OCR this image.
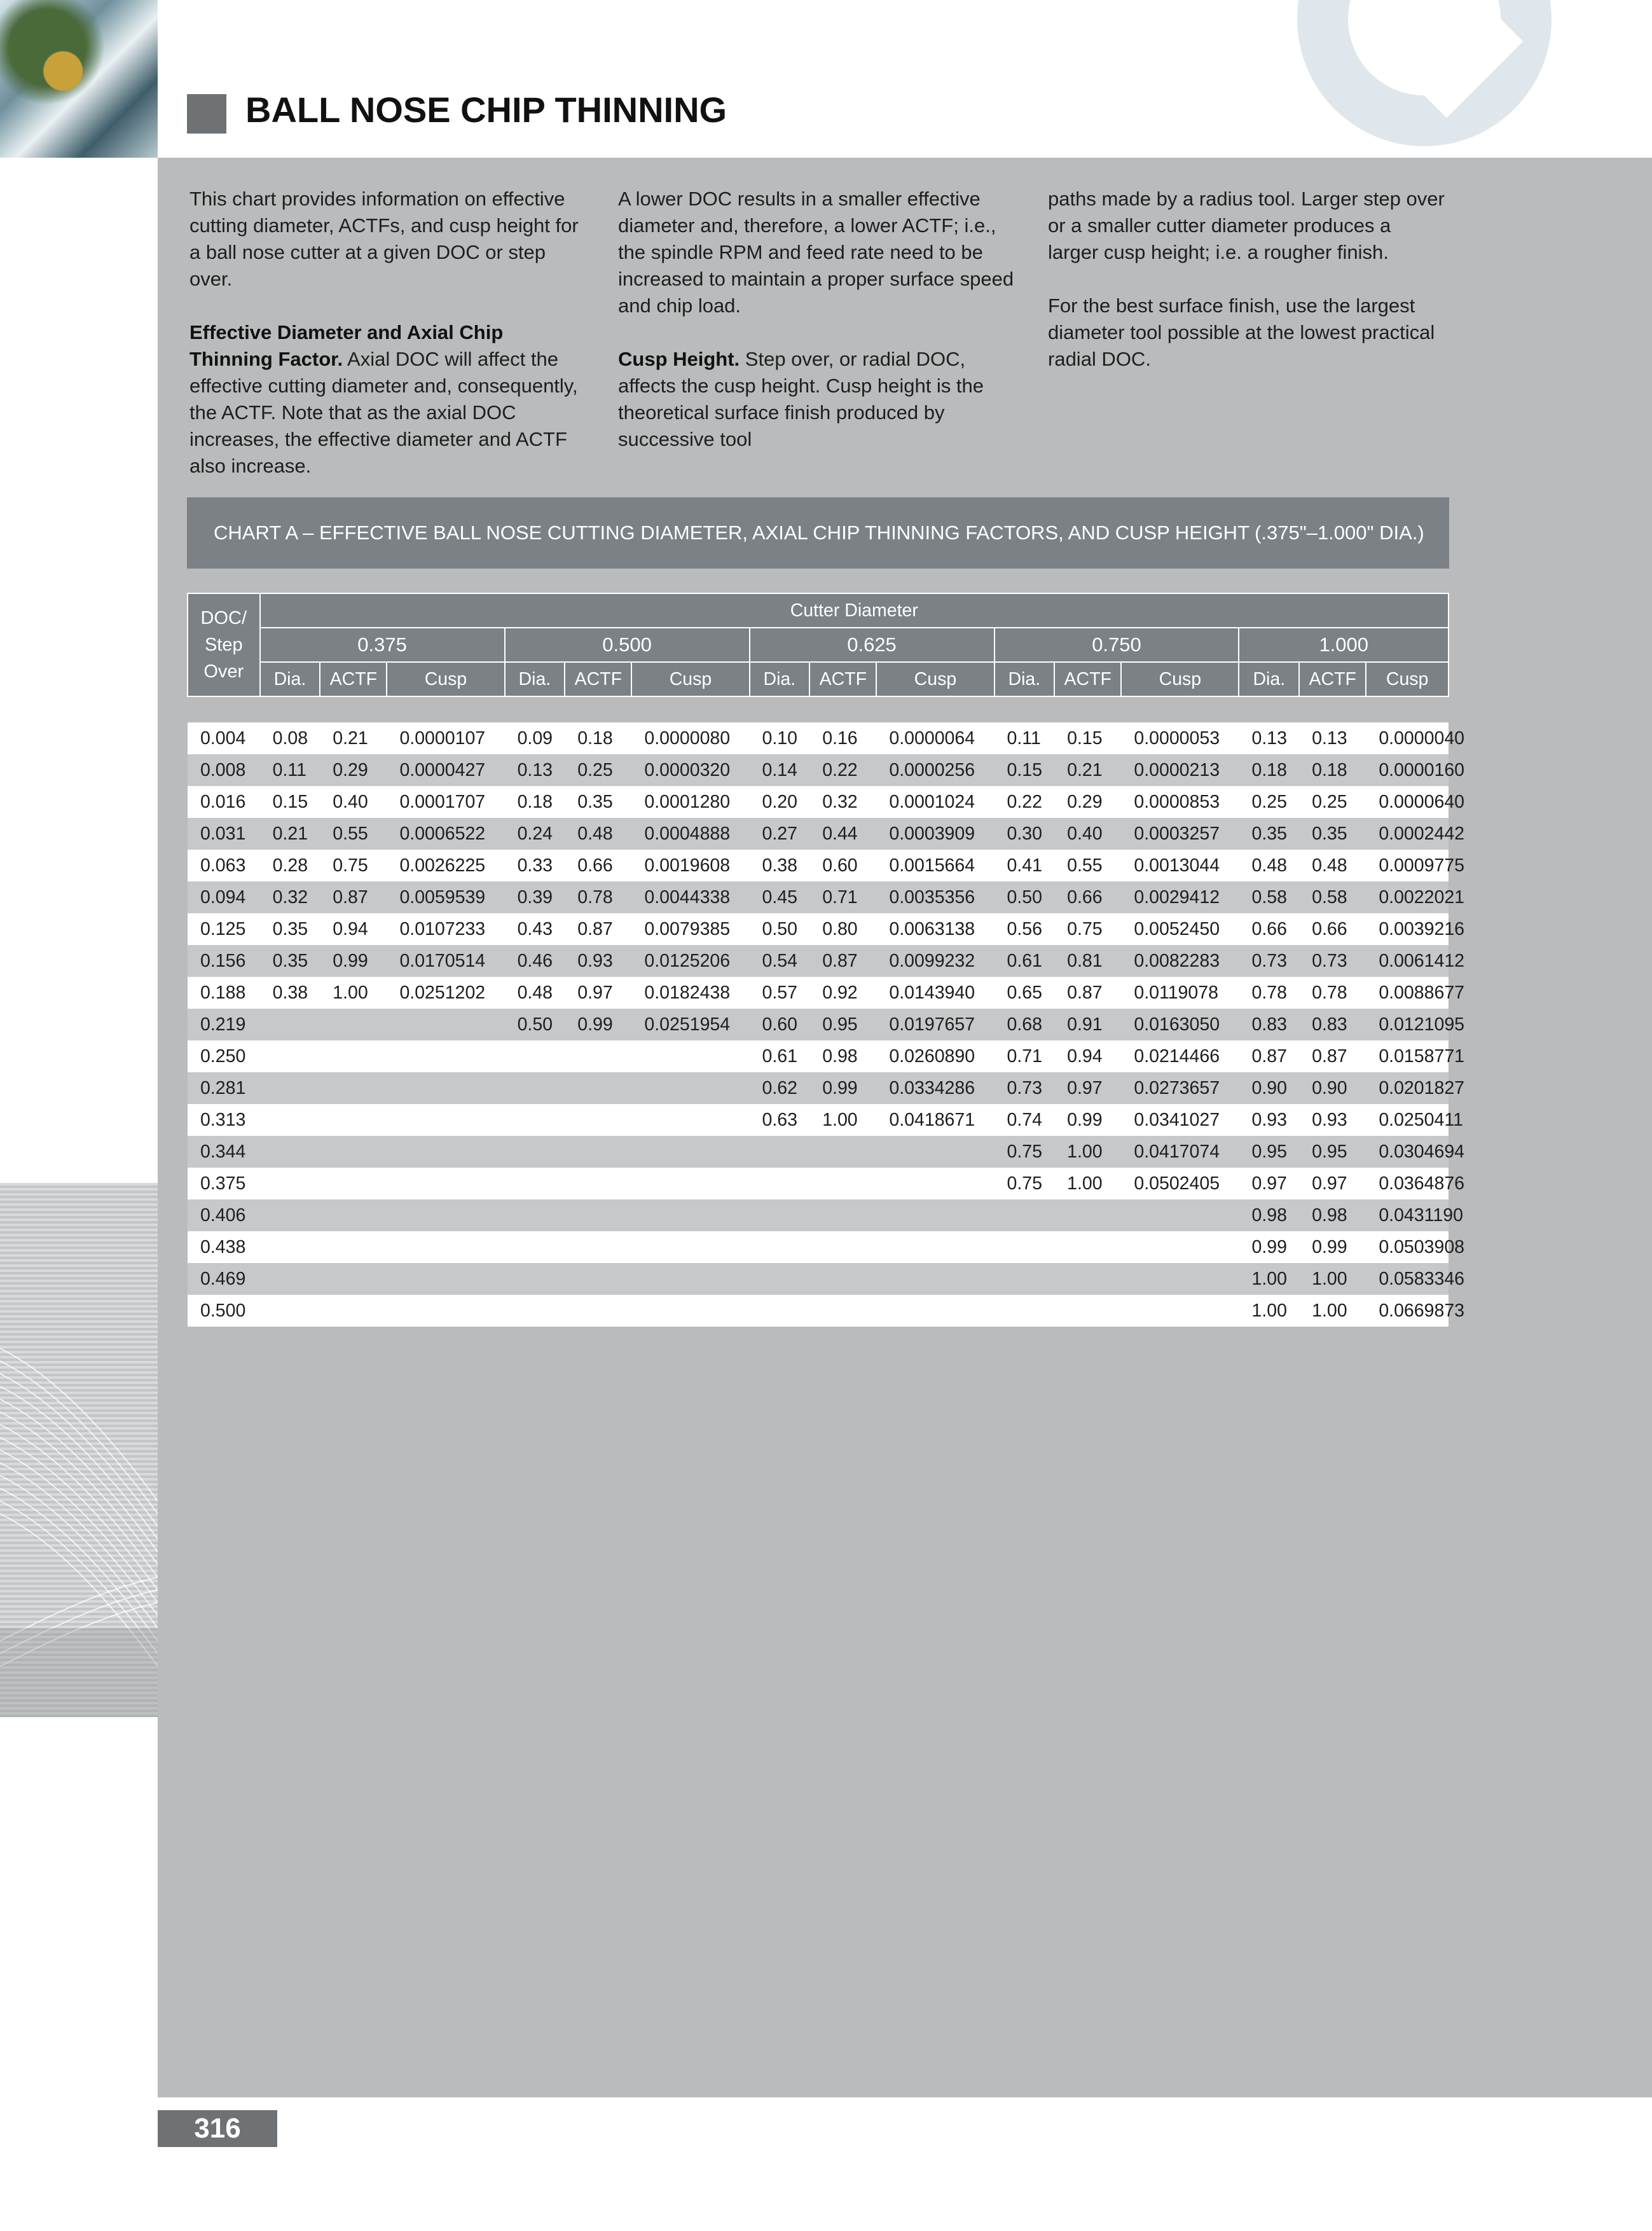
BALL NOSE CHIP THINNING

This chart provides information on effective cutting diameter, ACTFs, and cusp height for a ball nose cutter at a given DOC or step over.

Effective Diameter and Axial Chip Thinning Factor. Axial DOC will affect the effective cutting diameter and, consequently, the ACTF. Note that as the axial DOC increases, the effective diameter and ACTF also increase.

A lower DOC results in a smaller effective diameter and, therefore, a lower ACTF; i.e., the spindle RPM and feed rate need to be increased to maintain a proper surface speed and chip load.

Cusp Height. Step over, or radial DOC, affects the cusp height. Cusp height is the theoretical surface finish produced by successive tool

paths made by a radius tool. Larger step over or a smaller cutter diameter produces a larger cusp height; i.e. a rougher finish.

For the best surface finish, use the largest diameter tool possible at the lowest practical radial DOC.

CHART A – EFFECTIVE BALL NOSE CUTTING DIAMETER, AXIAL CHIP THINNING FACTORS, AND CUSP HEIGHT (.375"–1.000" DIA.)
DOC/
Step
Over	Cutter Diameter														
	0.375			0.500			0.625			0.750			1.000		
	Dia.	ACTF	Cusp	Dia.	ACTF	Cusp	Dia.	ACTF	Cusp	Dia.	ACTF	Cusp	Dia.	ACTF	Cusp

0.004	0.08	0.21	0.0000107	0.09	0.18	0.0000080	0.10	0.16	0.0000064	0.11	0.15	0.0000053	0.13	0.13	0.0000040
0.008	0.11	0.29	0.0000427	0.13	0.25	0.0000320	0.14	0.22	0.0000256	0.15	0.21	0.0000213	0.18	0.18	0.0000160
0.016	0.15	0.40	0.0001707	0.18	0.35	0.0001280	0.20	0.32	0.0001024	0.22	0.29	0.0000853	0.25	0.25	0.0000640
0.031	0.21	0.55	0.0006522	0.24	0.48	0.0004888	0.27	0.44	0.0003909	0.30	0.40	0.0003257	0.35	0.35	0.0002442
0.063	0.28	0.75	0.0026225	0.33	0.66	0.0019608	0.38	0.60	0.0015664	0.41	0.55	0.0013044	0.48	0.48	0.0009775
0.094	0.32	0.87	0.0059539	0.39	0.78	0.0044338	0.45	0.71	0.0035356	0.50	0.66	0.0029412	0.58	0.58	0.0022021
0.125	0.35	0.94	0.0107233	0.43	0.87	0.0079385	0.50	0.80	0.0063138	0.56	0.75	0.0052450	0.66	0.66	0.0039216
0.156	0.35	0.99	0.0170514	0.46	0.93	0.0125206	0.54	0.87	0.0099232	0.61	0.81	0.0082283	0.73	0.73	0.0061412
0.188	0.38	1.00	0.0251202	0.48	0.97	0.0182438	0.57	0.92	0.0143940	0.65	0.87	0.0119078	0.78	0.78	0.0088677
0.219				0.50	0.99	0.0251954	0.60	0.95	0.0197657	0.68	0.91	0.0163050	0.83	0.83	0.0121095
0.250							0.61	0.98	0.0260890	0.71	0.94	0.0214466	0.87	0.87	0.0158771
0.281							0.62	0.99	0.0334286	0.73	0.97	0.0273657	0.90	0.90	0.0201827
0.313							0.63	1.00	0.0418671	0.74	0.99	0.0341027	0.93	0.93	0.0250411
0.344										0.75	1.00	0.0417074	0.95	0.95	0.0304694
0.375										0.75	1.00	0.0502405	0.97	0.97	0.0364876
0.406													0.98	0.98	0.0431190
0.438													0.99	0.99	0.0503908
0.469													1.00	1.00	0.0583346
0.500													1.00	1.00	0.0669873
316
